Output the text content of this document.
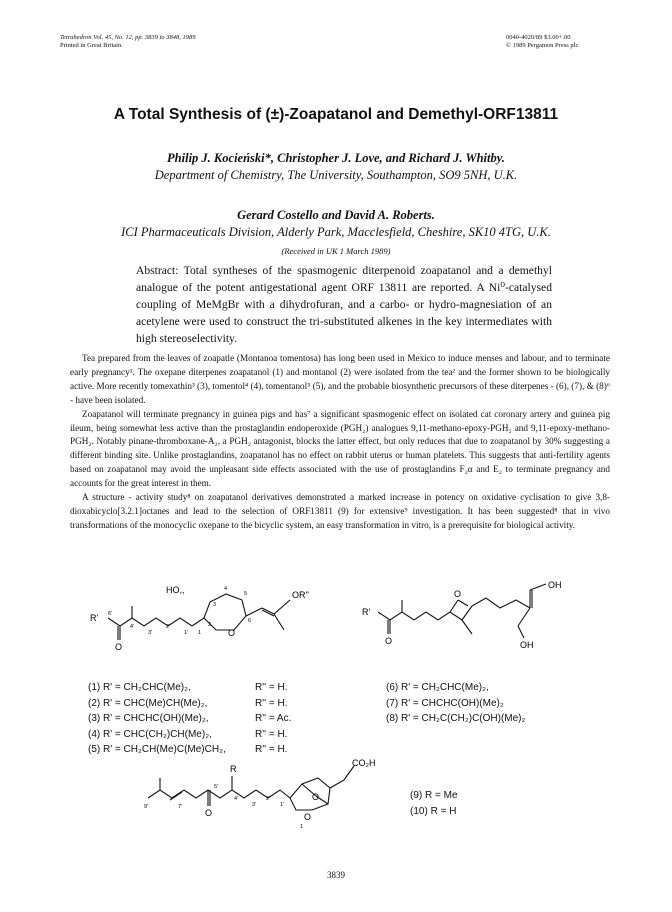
Tetrahedron Vol. 45, No. 12, pp. 3839 to 3848, 1989
Printed in Great Britain.
0040-4020/89 $3.00+.00
© 1989 Pergamon Press plc
A Total Synthesis of (±)-Zoapatanol and Demethyl-ORF13811
Philip J. Kocieński*, Christopher J. Love, and Richard J. Whitby.
Department of Chemistry, The University, Southampton, SO9 5NH, U.K.
Gerard Costello and David A. Roberts.
ICI Pharmaceuticals Division, Alderly Park, Macclesfield, Cheshire, SK10 4TG, U.K.
(Received in UK 1 March 1989)
Abstract: Total syntheses of the spasmogenic diterpenoid zoapatanol and a demethyl analogue of the potent antigestational agent ORF 13811 are reported. A Ni⁰-catalysed coupling of MeMgBr with a dihydrofuran, and a carbo- or hydro-magnesiation of an acetylene were used to construct the tri-substituted alkenes in the key intermediates with high stereoselectivity.

Tea prepared from the leaves of zoapatle (Montanoa tomentosa) has long been used in Mexico to induce menses and labour, and to terminate early pregnancy¹. The oxepane diterpenes zoapatanol (1) and montanol (2) were isolated from the tea² and the former shown to be biologically active. More recently tomexathin³ (3), tomentol⁴ (4), tomentanol⁵ (5), and the probable biosynthetic precursors of these diterpenes - (6), (7), & (8)⁶ - have been isolated.

Zoapatanol will terminate pregnancy in guinea pigs and has⁷ a significant spasmogenic effect on isolated cat coronary artery and guinea pig ileum, being somewhat less active than the prostaglandin endoperoxide (PGH₂) analogues 9,11-methano-epoxy-PGH₂ and 9,11-epoxy-methano-PGH₂. Notably pinane-thromboxane-A₂, a PGH₂ antagonist, blocks the latter effect, but only reduces that due to zoapatanol by 30% suggesting a different binding site. Unlike prostaglandins, zoapatanol has no effect on rabbit uterus or human platelets. This suggests that anti-fertility agents based on zoapatanol may avoid the unpleasant side effects associated with the use of prostaglandins F₂α and E₂ to terminate pregnancy and accounts for the great interest in them.

A structure - activity study⁸ on zoapatanol derivatives demonstrated a marked increase in potency on oxidative cyclisation to give 3,8-dioxabicyclo[3.2.1]octanes and lead to the selection of ORF13811 (9) for extensive⁹ investigation. It has been suggested⁸ that in vivo transformations of the monocyclic oxepane to the bicyclic system, an easy transformation in vitro, is a prerequisite for biological activity.

R'
O
HO,,	OR''
O
4
5
3
2
6
1
6'
4'
3'
2'
1'
R'
O
O
OH
OH
(1) R' = CH₂CHC(Me)₂,	R'' = H.
(2) R' = CHC(Me)CH(Me)₂,	R'' = H.
(3) R' = CHCHC(OH)(Me)₂,	R'' = Ac.
(4) R' = CHC(CH₂)CH(Me)₂,	R'' = H.
(5) R' = CH₂CH(Me)C(Me)CH₂,	R'' = H.
(6) R' = CH₂CHC(Me)₂,
(7) R' = CHCHC(OH)(Me)₂
(8) R' = CH₂C(CH₂)C(OH)(Me)₂
R
CO₂H
O
O
O
9'	7'
5'
4'
3'
2'
1'
1
(9) R = Me
(10) R = H
3839
